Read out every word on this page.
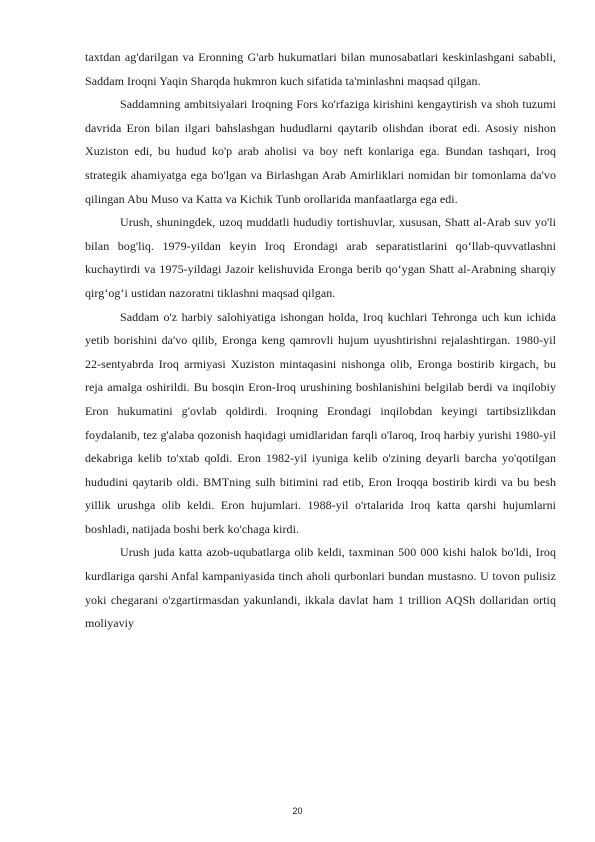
taxtdan ag'darilgan va Eronning G'arb hukumatlari bilan munosabatlari keskinlashgani sababli, Saddam Iroqni Yaqin Sharqda hukmron kuch sifatida ta'minlashni maqsad qilgan.

Saddamning ambitsiyalari Iroqning Fors ko'rfaziga kirishini kengaytirish va shoh tuzumi davrida Eron bilan ilgari bahslashgan hududlarni qaytarib olishdan iborat edi. Asosiy nishon Xuziston edi, bu hudud ko'p arab aholisi va boy neft konlariga ega. Bundan tashqari, Iroq strategik ahamiyatga ega bo'lgan va Birlashgan Arab Amirliklari nomidan bir tomonlama da'vo qilingan Abu Muso va Katta va Kichik Tunb orollarida manfaatlarga ega edi.

Urush, shuningdek, uzoq muddatli hududiy tortishuvlar, xususan, Shatt al-Arab suv yo'li bilan bog'liq. 1979-yildan keyin Iroq Erondagi arab separatistlarini qo‘llab-quvvatlashni kuchaytirdi va 1975-yildagi Jazoir kelishuvida Eronga berib qo‘ygan Shatt al-Arabning sharqiy qirg‘og‘i ustidan nazoratni tiklashni maqsad qilgan.

Saddam o'z harbiy salohiyatiga ishongan holda, Iroq kuchlari Tehronga uch kun ichida yetib borishini da'vo qilib, Eronga keng qamrovli hujum uyushtirishni rejalashtirgan. 1980-yil 22-sentyabrda Iroq armiyasi Xuziston mintaqasini nishonga olib, Eronga bostirib kirgach, bu reja amalga oshirildi. Bu bosqin Eron-Iroq urushining boshlanishini belgilab berdi va inqilobiy Eron hukumatini g'ovlab qoldirdi. Iroqning Erondagi inqilobdan keyingi tartibsizlikdan foydalanib, tez g'alaba qozonish haqidagi umidlaridan farqli o'laroq, Iroq harbiy yurishi 1980-yil dekabriga kelib to'xtab qoldi. Eron 1982-yil iyuniga kelib o'zining deyarli barcha yo'qotilgan hududini qaytarib oldi. BMTning sulh bitimini rad etib, Eron Iroqqa bostirib kirdi va bu besh yillik urushga olib keldi. Eron hujumlari. 1988-yil o'rtalarida Iroq katta qarshi hujumlarni boshladi, natijada boshi berk ko'chaga kirdi.

Urush juda katta azob-uqubatlarga olib keldi, taxminan 500 000 kishi halok bo'ldi, Iroq kurdlariga qarshi Anfal kampaniyasida tinch aholi qurbonlari bundan mustasno. U tovon pulisiz yoki chegarani o'zgartirmasdan yakunlandi, ikkala davlat ham 1 trillion AQSh dollaridan ortiq moliyaviy

20
